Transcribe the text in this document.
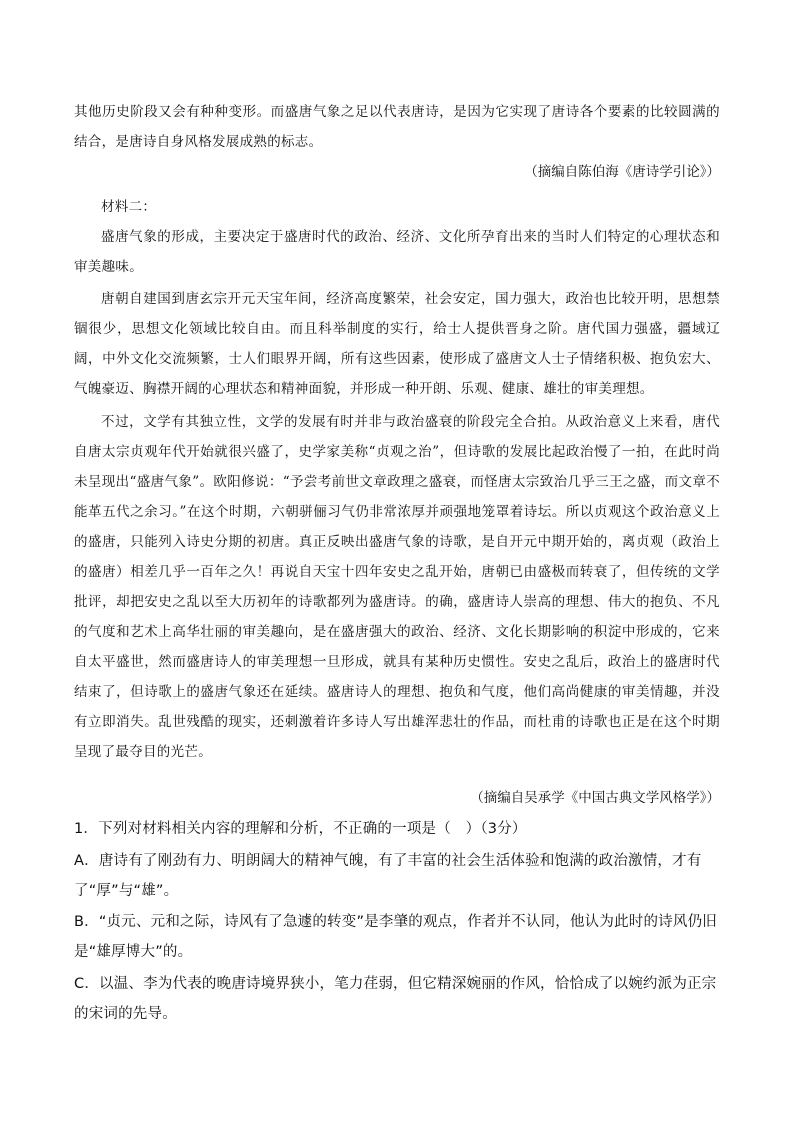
其他历史阶段又会有种种变形。而盛唐气象之足以代表唐诗，是因为它实现了唐诗各个要素的比较圆满的结合，是唐诗自身风格发展成熟的标志。

（摘编自陈伯海《唐诗学引论》）

材料二：

盛唐气象的形成，主要决定于盛唐时代的政治、经济、文化所孕育出来的当时人们特定的心理状态和审美趣味。

唐朝自建国到唐玄宗开元天宝年间，经济高度繁荣，社会安定，国力强大，政治也比较开明，思想禁锢很少，思想文化领域比较自由。而且科举制度的实行，给士人提供晋身之阶。唐代国力强盛，疆域辽阔，中外文化交流频繁，士人们眼界开阔，所有这些因素，使形成了盛唐文人士子情绪积极、抱负宏大、气魄豪迈、胸襟开阔的心理状态和精神面貌，并形成一种开朗、乐观、健康、雄壮的审美理想。

不过，文学有其独立性，文学的发展有时并非与政治盛衰的阶段完全合拍。从政治意义上来看，唐代自唐太宗贞观年代开始就很兴盛了，史学家美称“贞观之治”，但诗歌的发展比起政治慢了一拍，在此时尚未呈现出“盛唐气象”。欧阳修说：“予尝考前世文章政理之盛衰，而怪唐太宗致治几乎三王之盛，而文章不能革五代之余习。”在这个时期，六朝骈俪习气仍非常浓厚并顽强地笼罩着诗坛。所以贞观这个政治意义上的盛唐，只能列入诗史分期的初唐。真正反映出盛唐气象的诗歌，是自开元中期开始的，离贞观（政治上的盛唐）相差几乎一百年之久！再说自天宝十四年安史之乱开始，唐朝已由盛极而转衰了，但传统的文学批评，却把安史之乱以至大历初年的诗歌都列为盛唐诗。的确，盛唐诗人崇高的理想、伟大的抱负、不凡的气度和艺术上高华壮丽的审美趣向，是在盛唐强大的政治、经济、文化长期影响的积淀中形成的，它来自太平盛世，然而盛唐诗人的审美理想一旦形成，就具有某种历史惯性。安史之乱后，政治上的盛唐时代结束了，但诗歌上的盛唐气象还在延续。盛唐诗人的理想、抱负和气度，他们高尚健康的审美情趣，并没有立即消失。乱世残酷的现实，还刺激着许多诗人写出雄浑悲壮的作品，而杜甫的诗歌也正是在这个时期呈现了最夺目的光芒。

（摘编自吴承学《中国古典文学风格学》）

1．下列对材料相关内容的理解和分析，不正确的一项是（　）（3分）

A．唐诗有了刚劲有力、明朗阔大的精神气魄，有了丰富的社会生活体验和饱满的政治激情，才有了“厚”与“雄”。

B．“贞元、元和之际，诗风有了急遽的转变”是李肇的观点，作者并不认同，他认为此时的诗风仍旧是“雄厚博大”的。

C．以温、李为代表的晚唐诗境界狭小，笔力荏弱，但它精深婉丽的作风，恰恰成了以婉约派为正宗的宋词的先导。
